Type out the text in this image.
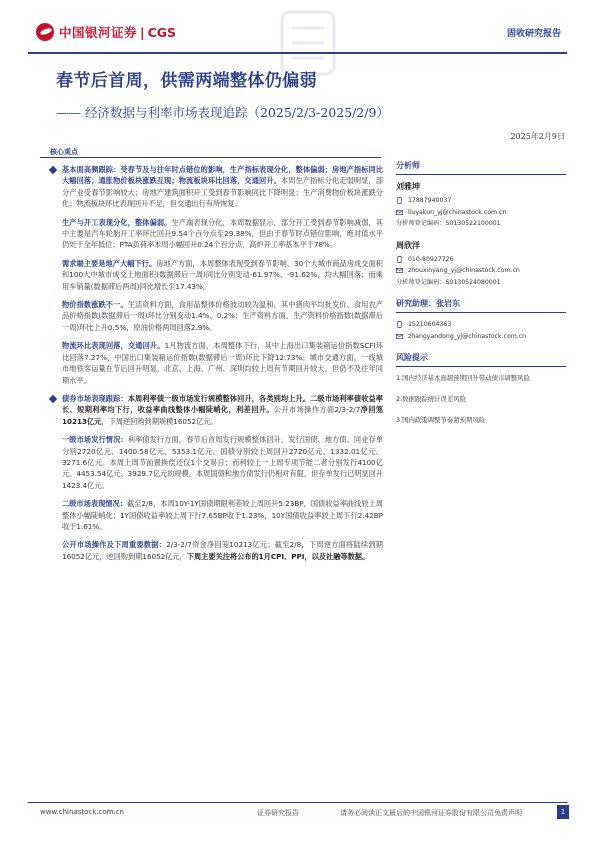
中国银河证券 | CGS	固收研究报告
春节后首周，供需两端整体仍偏弱
—— 经济数据与利率市场表现追踪（2025/2/3-2025/2/9）
2025年2月9日
核心观点
基本面高频跟踪：受春节及与往年时点错位的影响，生产指标表现分化，整体偏弱；房地产指标同比大幅回落；通胀物价板块涨跌互现；物流板块环比回落，交通回升。本周生产指标分化走弱明显，部分产业受春节影响较大；房地产建筑面积开工受到春节影响同比下降明显；生产消费物价板块涨跌分化；物流板块环比表现回升不足，但交通出行有所恢复。
生产与开工表现分化，整体偏弱。生产端表现分化，本周数据显示，部分开工受到春节影响减弱，其中主要是汽车轮胎开工率环比回升9.54个百分点至29.38%，但由于春节时点错位影响，绝对值水平仍处于全年低位；PTA负荷率本周小幅回升0.24个百分点，高炉开工率基本平于78%。
需求端主要是地产大幅下行。房地产方面，本周整体表现受到春节影响，30个大城市商品房成交面积和100大中城市成交土地面积(数据滞后一周)同比分别变动-61.97%、-91.62%，均大幅回落；而乘用车销量(数据滞后两周)同比增长至17.43%。
物价指数涨跌不一。生活资料方面，食用品整体价格波动较为温和，其中猪肉平均批发价、食用农产品价格指数(数据滞后一周)环比分别变动1.4%、0.2%；生产资料方面，生产资料价格指数(数据滞后一周)环比上升0.5%，原油价格两周回落2.9%。
物流环比表现回落，交通回升。1月物流方面，本周整体下行，其中上海出口集装箱运价指数SCFI环比回落7.27%，中国出口集装箱运价指数(数据滞后一周)环比下降12.73%；城市交通方面，一线城市地铁客运量在节后回升明显，北京、上海、广州、深圳均较上周有节期回升较大，但仍不及往年同期水平。
债券市场表现跟踪：本周利率债一级市场发行规模整体回升，各类别均上升。二级市场利率债收益率长、短期利率均下行，收益率曲线整体小幅陡峭化，利差回升。公开市场操作方面2/3-2/7净回笼10213亿元，下周逆回购到期规模16052亿元。
一级市场发行情况：利率债发行方面，春节后首周发行规模整体回升，发行国债、地方债、同业存单分别2720亿元、1400.58亿元、5353.1亿元。国债分别较上周回升2720亿元、1332.01亿元、3271.6亿元。本周上周节前置换偿还仅1个交易日；而利较上一上周专项节能二者分别发行4100亿元、4453.54亿元、3929.7亿元的规模，本周国债和地方债发行仍相对有限，但存单发行已明显回升1423.4亿元。
二级市场表现情况：截至2/8，本周10Y-1Y国债期限利差较上周回升5.23BP，国债收益率曲线较上周整体小幅陡峭化；1Y国债收益率较上周下行7.65BP收于1.23%，10Y国债收益率较上周下行2.42BP收于1.61%。
公开市场操作及下周重要数据：2/3-2/7资金净回笼10213亿元；截至2/8，下周逆方面将陆续到期16052亿元，逆回购到期16052亿元，下周主要关注将公布的1月CPI、PPI，以及社融等数据。
分析师
刘雅坤
17887940037
liuyakun_yj@chinastock.com.cn
分析师登记编码：S0130522100001
周欣洋
010-80927726
zhouxinyang_yj@chinastock.com.cn
分析师登记编码：S0130524080001
研究助理：张岩东
15210604363
zhangyandong_yj@chinastock.com.cn
风险提示
1.国内经济基本面超预期回升带动债市调整风险
2.数据跟踪统计误差风险
3.国内政策调整节奏超预期风险
www.chinastock.com.cn	证券研究报告	请务必阅读正文最后的中国银河证券股份有限公司免责声明	1
